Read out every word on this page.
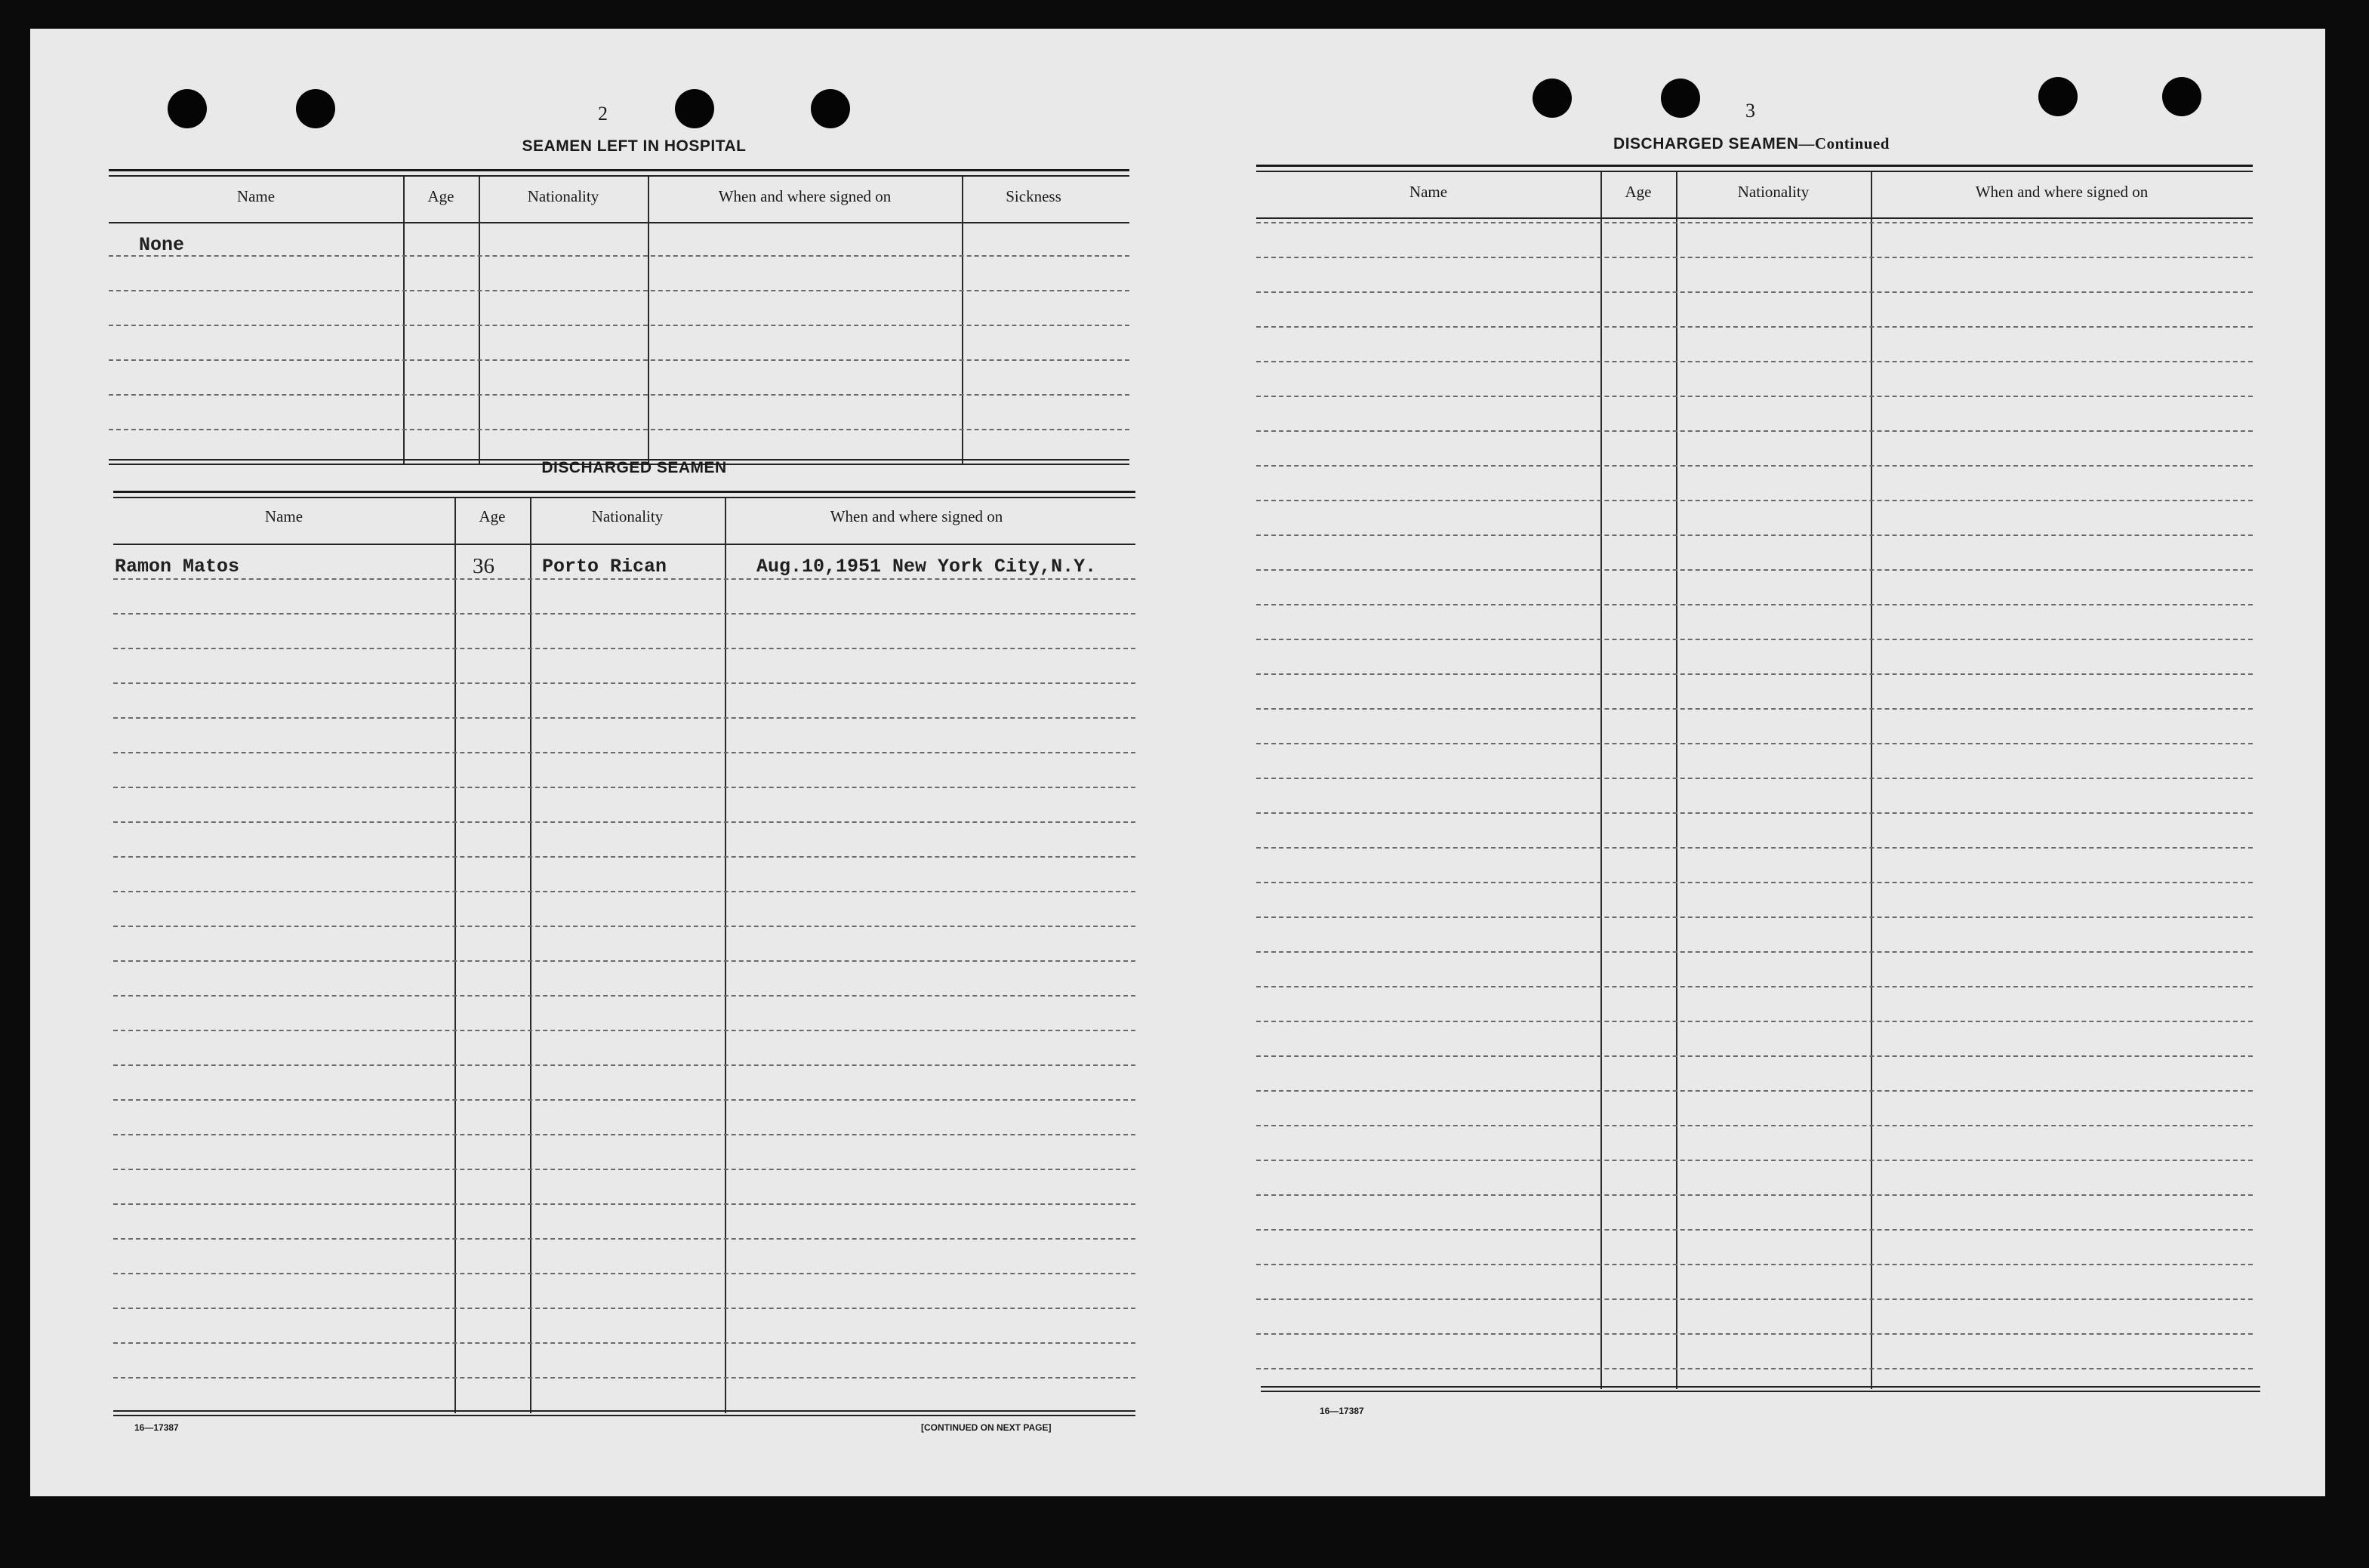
2
SEAMEN LEFT IN HOSPITAL
Name	Age	Nationality	When and where signed on	Sickness
None
DISCHARGED SEAMEN
Name	Age	Nationality	When and where signed on
Ramon Matos	36	Porto Rican	Aug.10,1951 New York City,N.Y.
16—17387	[CONTINUED ON NEXT PAGE]
3
DISCHARGED SEAMEN—Continued
Name	Age	Nationality	When and where signed on
16—17387
